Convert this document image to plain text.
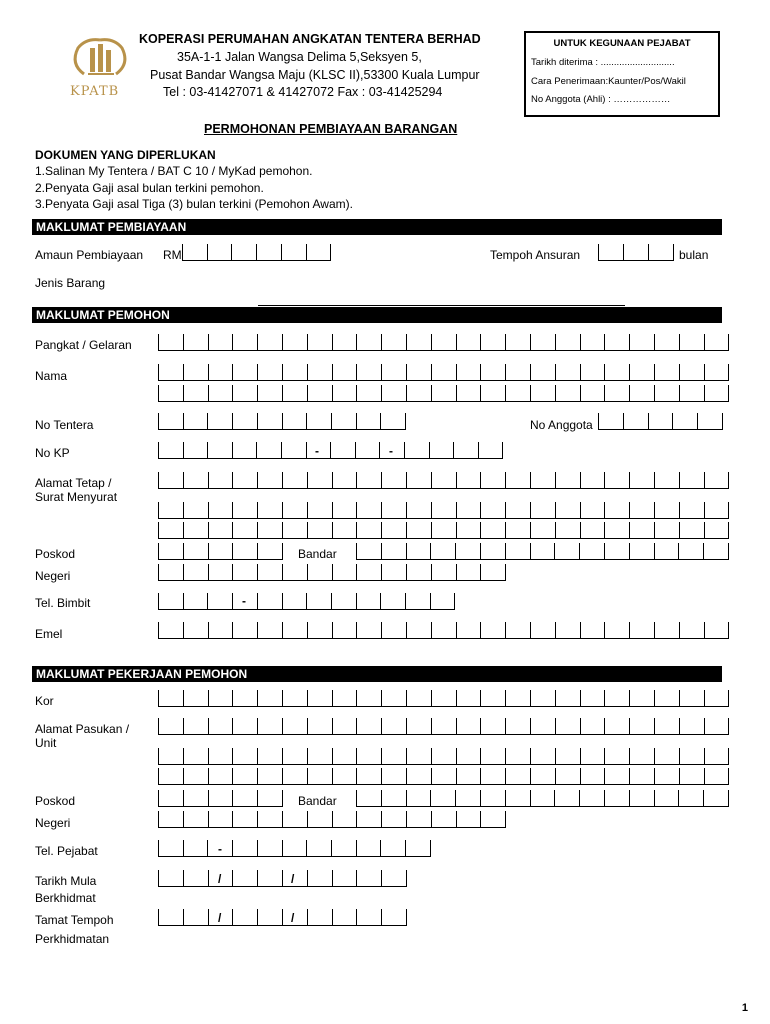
KPATB
KOPERASI PERUMAHAN ANGKATAN TENTERA BERHAD
35A-1-1 Jalan Wangsa Delima 5,Seksyen 5,
Pusat Bandar Wangsa Maju (KLSC II),53300 Kuala Lumpur
Tel : 03-41427071 & 41427072 Fax : 03-41425294
UNTUK KEGUNAAN PEJABAT
Tarikh diterima : ............................
Cara Penerimaan:Kaunter/Pos/Wakil
No Anggota (Ahli) : ………………
PERMOHONAN PEMBIAYAAN BARANGAN
DOKUMEN YANG DIPERLUKAN
1.Salinan My Tentera / BAT C 10 / MyKad pemohon.
2.Penyata Gaji asal bulan terkini pemohon.
3.Penyata Gaji asal Tiga (3) bulan terkini (Pemohon Awam).
MAKLUMAT PEMBIAYAAN
Amaun Pembiayaan RM	Tempoh Ansuran	bulan
Jenis Barang
MAKLUMAT PEMOHON
Pangkat / Gelaran
Nama
No Tentera	No Anggota
No KP	-	-
Alamat Tetap /
Surat Menyurat
Poskod	Bandar
Negeri
Tel. Bimbit	-
Emel
MAKLUMAT PEKERJAAN PEMOHON
Kor
Alamat Pasukan /
Unit
Poskod	Bandar
Negeri
Tel. Pejabat	-
Tarikh Mula
Berkhidmat
/	/
Tamat Tempoh
Perkhidmatan
/	/
1
